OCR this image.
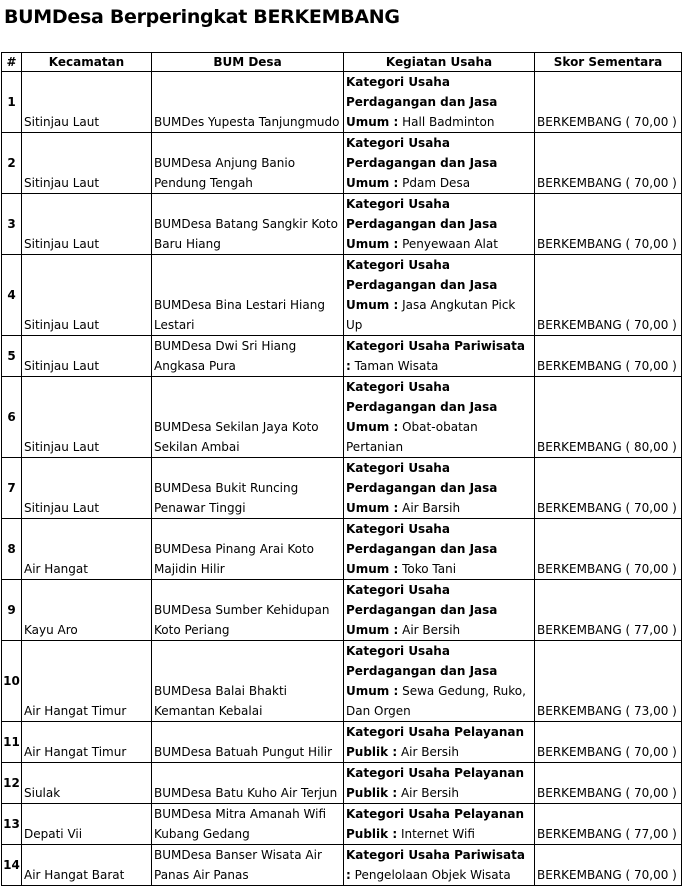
BUMDesa Berperingkat BERKEMBANG
#	Kecamatan	BUM Desa	Kegiatan Usaha	Skor Sementara
1	Sitinjau Laut	BUMDes Yupesta Tanjungmudo	Kategori Usaha Perdagangan dan Jasa Umum : Hall Badminton	BERKEMBANG ( 70,00 )
2	Sitinjau Laut	BUMDesa Anjung Banio Pendung Tengah	Kategori Usaha Perdagangan dan Jasa Umum : Pdam Desa	BERKEMBANG ( 70,00 )
3	Sitinjau Laut	BUMDesa Batang Sangkir Koto Baru Hiang	Kategori Usaha Perdagangan dan Jasa Umum : Penyewaan Alat	BERKEMBANG ( 70,00 )
4	Sitinjau Laut	BUMDesa Bina Lestari Hiang Lestari	Kategori Usaha Perdagangan dan Jasa Umum : Jasa Angkutan Pick Up	BERKEMBANG ( 70,00 )
5	Sitinjau Laut	BUMDesa Dwi Sri Hiang Angkasa Pura	Kategori Usaha Pariwisata : Taman Wisata	BERKEMBANG ( 70,00 )
6	Sitinjau Laut	BUMDesa Sekilan Jaya Koto Sekilan Ambai	Kategori Usaha Perdagangan dan Jasa Umum : Obat-obatan Pertanian	BERKEMBANG ( 80,00 )
7	Sitinjau Laut	BUMDesa Bukit Runcing Penawar Tinggi	Kategori Usaha Perdagangan dan Jasa Umum : Air Barsih	BERKEMBANG ( 70,00 )
8	Air Hangat	BUMDesa Pinang Arai Koto Majidin Hilir	Kategori Usaha Perdagangan dan Jasa Umum : Toko Tani	BERKEMBANG ( 70,00 )
9	Kayu Aro	BUMDesa Sumber Kehidupan Koto Periang	Kategori Usaha Perdagangan dan Jasa Umum : Air Bersih	BERKEMBANG ( 77,00 )
10	Air Hangat Timur	BUMDesa Balai Bhakti Kemantan Kebalai	Kategori Usaha Perdagangan dan Jasa Umum : Sewa Gedung, Ruko, Dan Orgen	BERKEMBANG ( 73,00 )
11	Air Hangat Timur	BUMDesa Batuah Pungut Hilir	Kategori Usaha Pelayanan Publik : Air Bersih	BERKEMBANG ( 70,00 )
12	Siulak	BUMDesa Batu Kuho Air Terjun	Kategori Usaha Pelayanan Publik : Air Bersih	BERKEMBANG ( 70,00 )
13	Depati Vii	BUMDesa Mitra Amanah Wifi Kubang Gedang	Kategori Usaha Pelayanan Publik : Internet Wifi	BERKEMBANG ( 77,00 )
14	Air Hangat Barat	BUMDesa Banser Wisata Air Panas Air Panas	Kategori Usaha Pariwisata : Pengelolaan Objek Wisata	BERKEMBANG ( 70,00 )
